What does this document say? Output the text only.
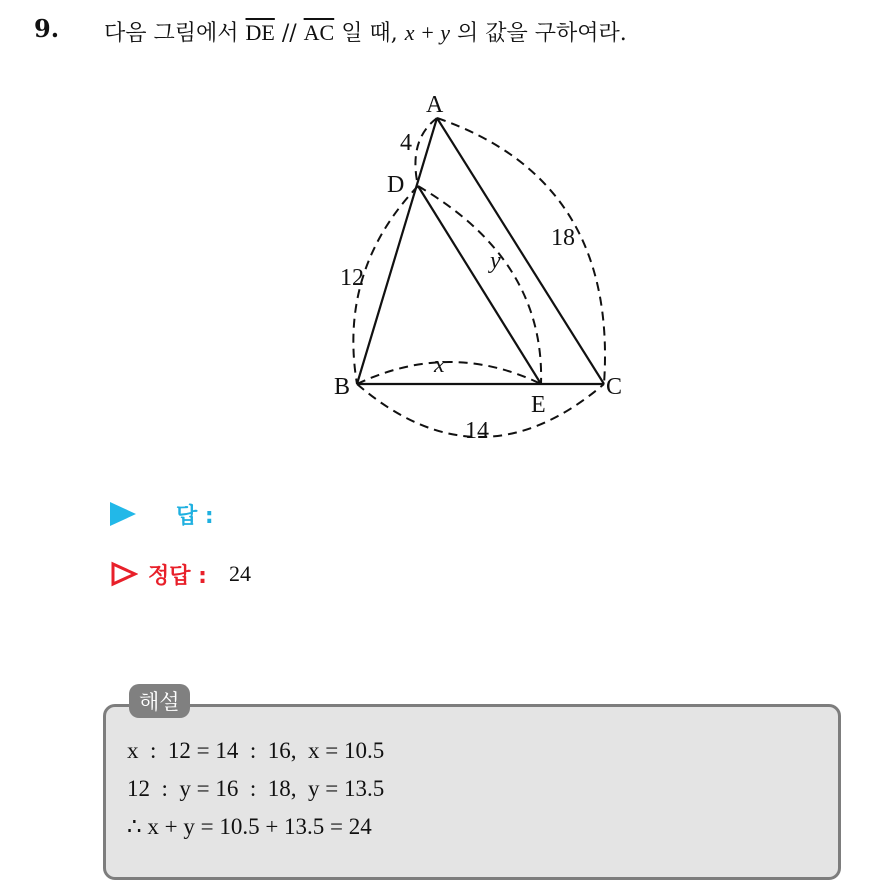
9. 다음 그림에서 $\overline{DE} // \overline{AC}$ 일 때, x + y 의 값을 구하여라.
A
D
B
E
C
4
12
18
y
x
14
답 :
정답 : 24
해설
x  :  12 = 14  :  16,  x = 10.5
12  :  y = 16  :  18,  y = 13.5
∴ x + y = 10.5 + 13.5 = 24
